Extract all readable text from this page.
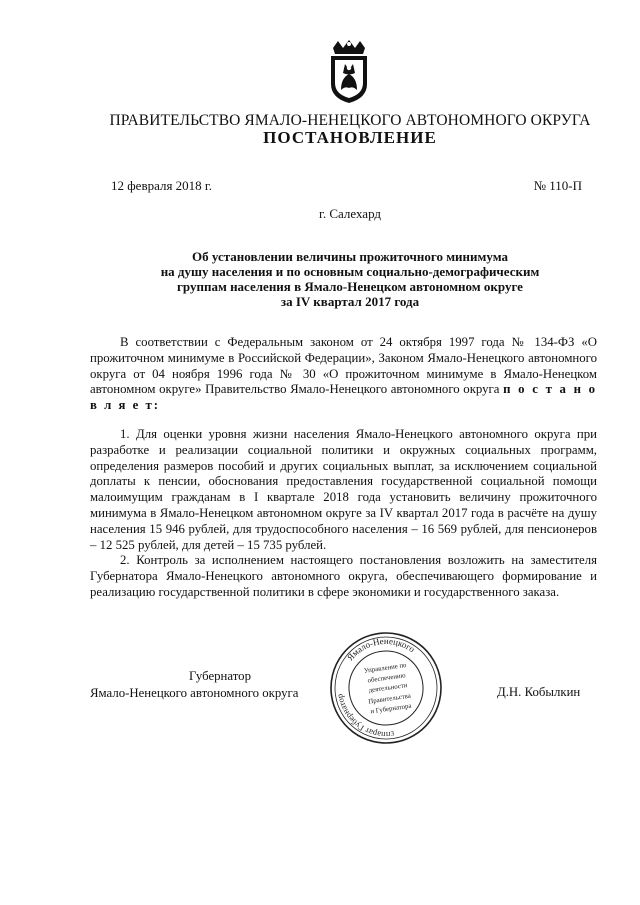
ПРАВИТЕЛЬСТВО ЯМАЛО-НЕНЕЦКОГО АВТОНОМНОГО ОКРУГА
ПОСТАНОВЛЕНИЕ
12 февраля 2018 г.	№ 110-П
г. Салехард
Об установлении величины прожиточного минимума
на душу населения и по основным социально-демографическим
группам населения в Ямало-Ненецком автономном округе
за IV квартал 2017 года

В соответствии с Федеральным законом от 24 октября 1997 года № 134-ФЗ «О прожиточном минимуме в Российской Федерации», Законом Ямало-Ненецкого автономного округа от 04 ноября 1996 года № 30 «О прожиточном минимуме в Ямало-Ненецком автономном округе» Правительство Ямало-Ненецкого автономного округа п о с т а н о в л я е т:

1. Для оценки уровня жизни населения Ямало-Ненецкого автономного округа при разработке и реализации социальной политики и окружных социальных программ, определения размеров пособий и других социальных выплат, за исключением социальной доплаты к пенсии, обоснования предоставления государственной социальной помощи малоимущим гражданам в I квартале 2018 года установить величину прожиточного минимума в Ямало-Ненецком автономном округе за IV квартал 2017 года в расчёте на душу населения 15 946 рублей, для трудоспособного населения – 16 569 рублей, для пенсионеров – 12 525 рублей, для детей – 15 735 рублей.

2. Контроль за исполнением настоящего постановления возложить на заместителя Губернатора Ямало-Ненецкого автономного округа, обеспечивающего формирование и реализацию государственной политики в сфере экономики и государственного заказа.

Губернатор
Ямало-Ненецкого автономного округа	Д.Н. Кобылкин
Ямало-Ненецкого
Аппарат Губернатора
3
Управление по
обеспечению
деятельности
Правительства
и Губернатора
